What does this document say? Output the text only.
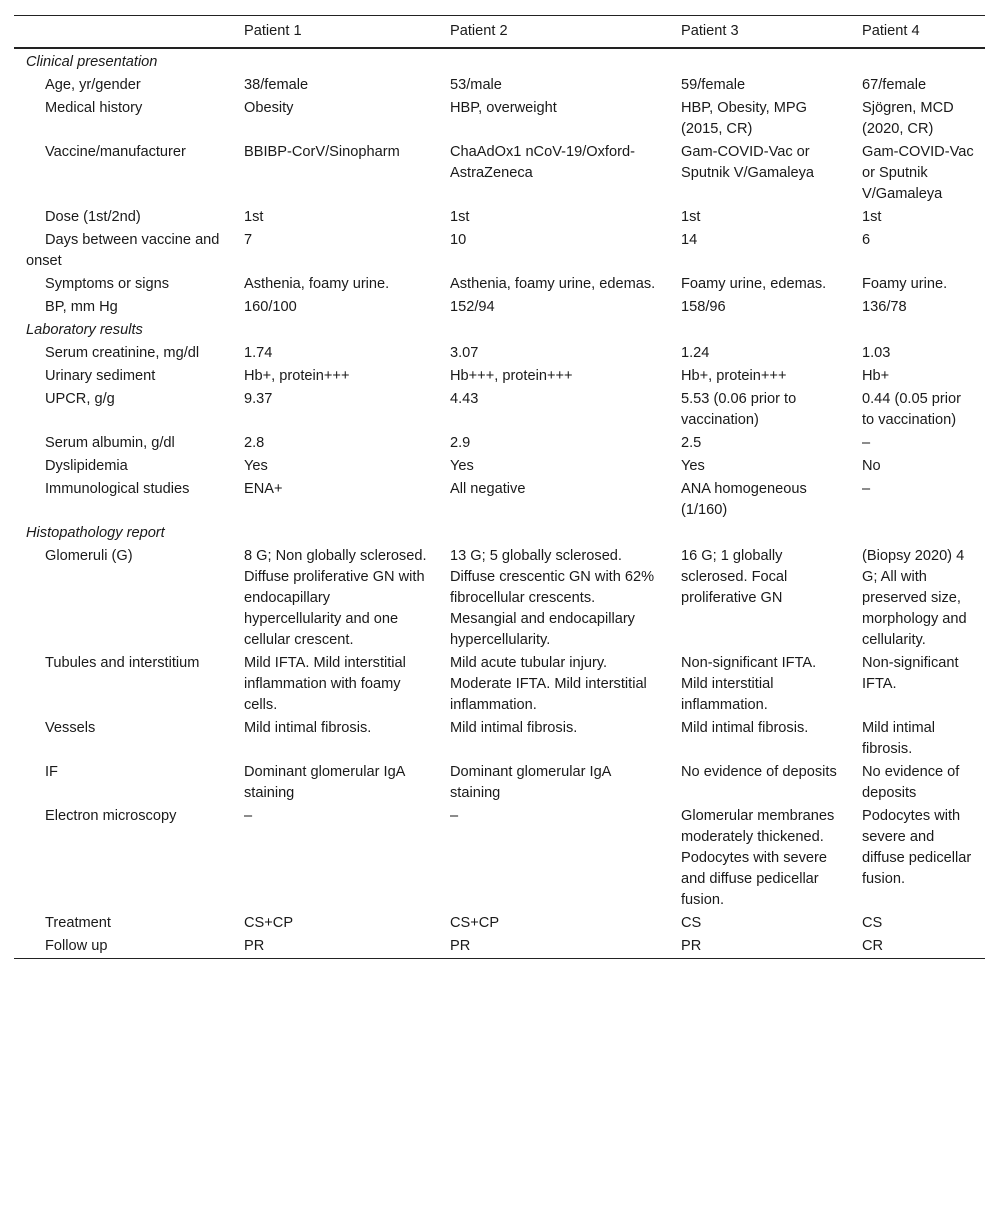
	Patient 1	Patient 2	Patient 3	Patient 4
Clinical presentation				
Age, yr/gender	38/female	53/male	59/female	67/female
Medical history	Obesity	HBP, overweight	HBP, Obesity, MPG (2015, CR)	Sjögren, MCD (2020, CR)
Vaccine/manufacturer	BBIBP-CorV/Sinopharm	ChaAdOx1 nCoV-19/Oxford-AstraZeneca	Gam-COVID-Vac or Sputnik V/Gamaleya	Gam-COVID-Vac or Sputnik V/Gamaleya
Dose (1st/2nd)	1st	1st	1st	1st
Days between vaccine and onset	7	10	14	6
Symptoms or signs	Asthenia, foamy urine.	Asthenia, foamy urine, edemas.	Foamy urine, edemas.	Foamy urine.
BP, mm Hg	160/100	152/94	158/96	136/78
Laboratory results				
Serum creatinine, mg/dl	1.74	3.07	1.24	1.03
Urinary sediment	Hb+, protein+++	Hb+++, protein+++	Hb+, protein+++	Hb+
UPCR, g/g	9.37	4.43	5.53 (0.06 prior to vaccination)	0.44 (0.05 prior to vaccination)
Serum albumin, g/dl	2.8	2.9	2.5	–
Dyslipidemia	Yes	Yes	Yes	No
Immunological studies	ENA+	All negative	ANA homogeneous (1/160)	–
Histopathology report				
Glomeruli (G)	8 G; Non globally sclerosed. Diffuse proliferative GN with endocapillary hypercellularity and one cellular crescent.	13 G; 5 globally sclerosed. Diffuse crescentic GN with 62% fibrocellular crescents. Mesangial and endocapillary hypercellularity.	16 G; 1 globally sclerosed. Focal proliferative GN	(Biopsy 2020) 4 G; All with preserved size, morphology and cellularity.
Tubules and interstitium	Mild IFTA. Mild interstitial inflammation with foamy cells.	Mild acute tubular injury. Moderate IFTA. Mild interstitial inflammation.	Non-significant IFTA. Mild interstitial inflammation.	Non-significant IFTA.
Vessels	Mild intimal fibrosis.	Mild intimal fibrosis.	Mild intimal fibrosis.	Mild intimal fibrosis.
IF	Dominant glomerular IgA staining	Dominant glomerular IgA staining	No evidence of deposits	No evidence of deposits
Electron microscopy	–	–	Glomerular membranes moderately thickened. Podocytes with severe and diffuse pedicellar fusion.	Podocytes with severe and diffuse pedicellar fusion.
Treatment	CS+CP	CS+CP	CS	CS
Follow up	PR	PR	PR	CR
